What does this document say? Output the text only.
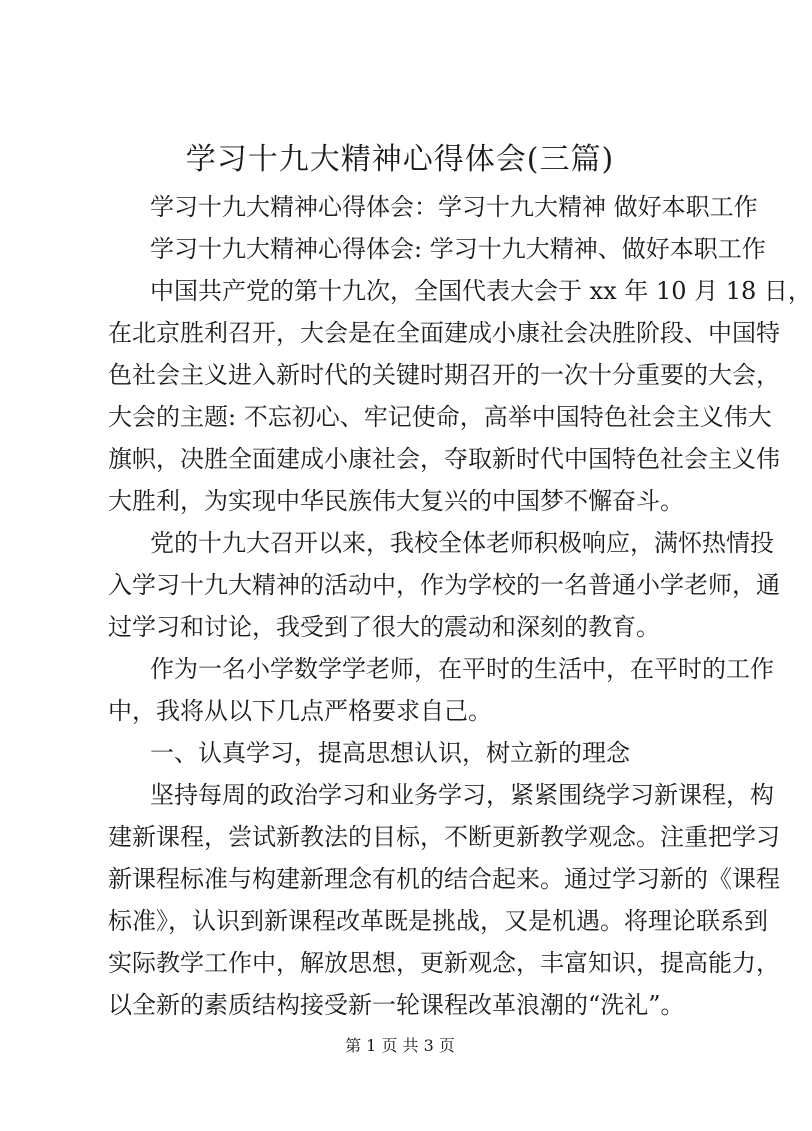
学习十九大精神心得体会(三篇)

学习十九大精神心得体会：学习十九大精神 做好本职工作

学习十九大精神心得体会: 学习十九大精神、做好本职工作

中国共产党的第十九次，全国代表大会于 xx 年 10 月 18 日，

在北京胜利召开，大会是在全面建成小康社会决胜阶段、中国特

色社会主义进入新时代的关键时期召开的一次十分重要的大会，

大会的主题: 不忘初心、牢记使命，高举中国特色社会主义伟大

旗帜，决胜全面建成小康社会，夺取新时代中国特色社会主义伟

大胜利，为实现中华民族伟大复兴的中国梦不懈奋斗。

党的十九大召开以来，我校全体老师积极响应，满怀热情投

入学习十九大精神的活动中，作为学校的一名普通小学老师，通

过学习和讨论，我受到了很大的震动和深刻的教育。

作为一名小学数学学老师，在平时的生活中，在平时的工作

中，我将从以下几点严格要求自己。

一、认真学习，提高思想认识，树立新的理念

坚持每周的政治学习和业务学习，紧紧围绕学习新课程，构

建新课程，尝试新教法的目标，不断更新教学观念。注重把学习

新课程标准与构建新理念有机的结合起来。通过学习新的《课程

标准》，认识到新课程改革既是挑战，又是机遇。将理论联系到

实际教学工作中，解放思想，更新观念，丰富知识，提高能力，

以全新的素质结构接受新一轮课程改革浪潮的“洗礼”。

第 1 页 共 3 页
